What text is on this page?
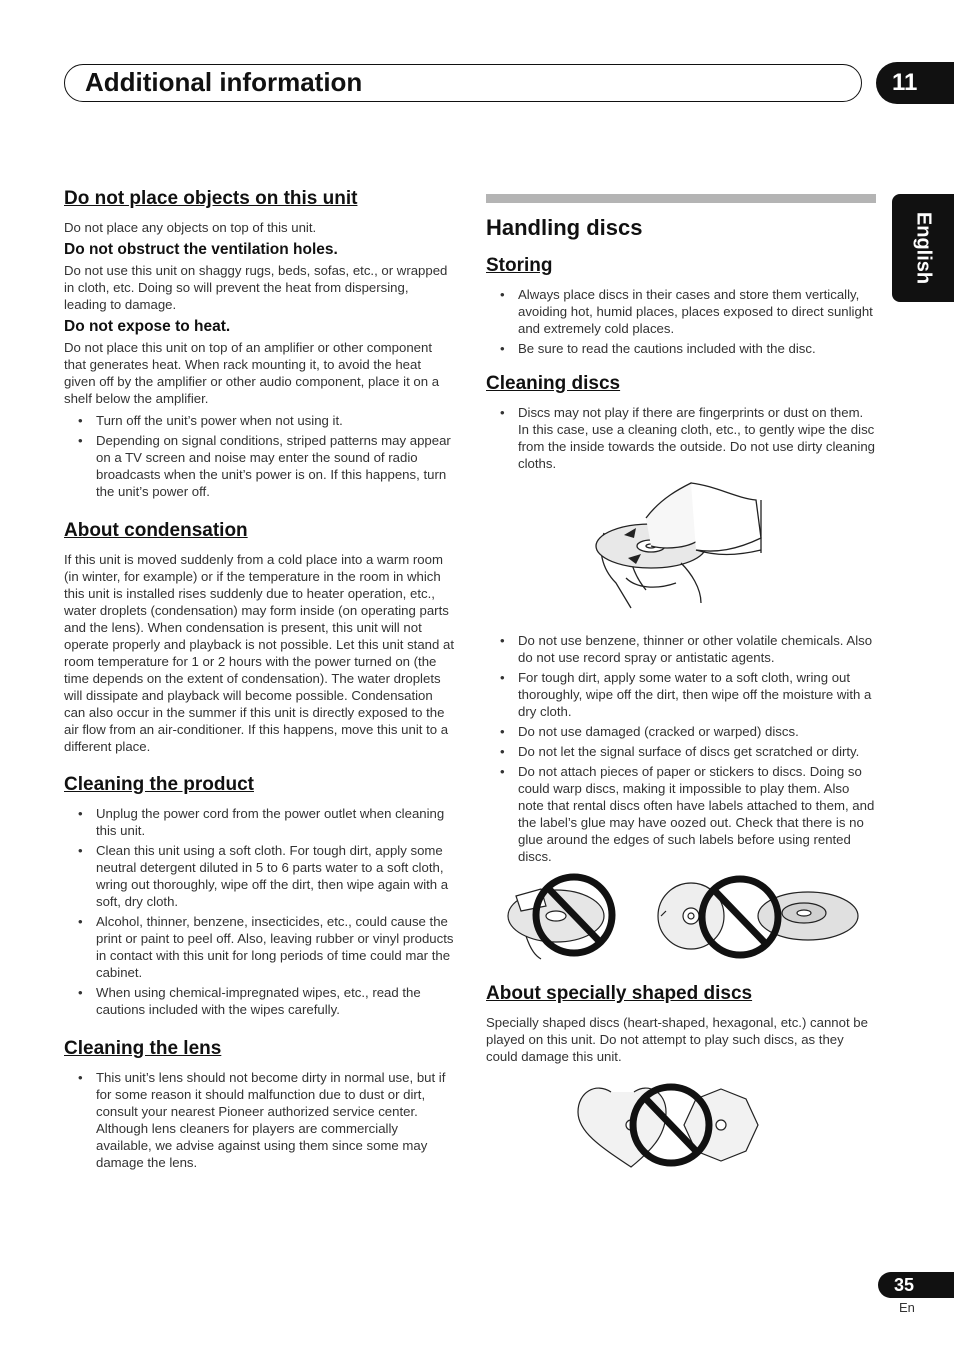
Additional information	11
English
Do not place objects on this unit

Do not place any objects on top of this unit.

Do not obstruct the ventilation holes.

Do not use this unit on shaggy rugs, beds, sofas, etc., or wrapped in cloth, etc. Doing so will prevent the heat from dispersing, leading to damage.

Do not expose to heat.

Do not place this unit on top of an amplifier or other component that generates heat. When rack mounting it, to avoid the heat given off by the amplifier or other audio component, place it on a shelf below the amplifier.

• Turn off the unit’s power when not using it.
• Depending on signal conditions, striped patterns may appear on a TV screen and noise may enter the sound of radio broadcasts when the unit’s power is on. If this happens, turn the unit’s power off.
About condensation

If this unit is moved suddenly from a cold place into a warm room (in winter, for example) or if the temperature in the room in which this unit is installed rises suddenly due to heater operation, etc., water droplets (condensation) may form inside (on operating parts and the lens). When condensation is present, this unit will not operate properly and playback is not possible. Let this unit stand at room temperature for 1 or 2 hours with the power turned on (the time depends on the extent of condensation). The water droplets will dissipate and playback will become possible. Condensation can also occur in the summer if this unit is directly exposed to the air flow from an air-conditioner. If this happens, move this unit to a different place.

Cleaning the product
• Unplug the power cord from the power outlet when cleaning this unit.
• Clean this unit using a soft cloth. For tough dirt, apply some neutral detergent diluted in 5 to 6 parts water to a soft cloth, wring out thoroughly, wipe off the dirt, then wipe again with a soft, dry cloth.
• Alcohol, thinner, benzene, insecticides, etc., could cause the print or paint to peel off. Also, leaving rubber or vinyl products in contact with this unit for long periods of time could mar the cabinet.
• When using chemical-impregnated wipes, etc., read the cautions included with the wipes carefully.
Cleaning the lens
• This unit’s lens should not become dirty in normal use, but if for some reason it should malfunction due to dust or dirt, consult your nearest Pioneer authorized service center. Although lens cleaners for players are commercially available, we advise against using them since some may damage the lens.
Handling discs
Storing
• Always place discs in their cases and store them vertically, avoiding hot, humid places, places exposed to direct sunlight and extremely cold places.
• Be sure to read the cautions included with the disc.
Cleaning discs
• Discs may not play if there are fingerprints or dust on them. In this case, use a cleaning cloth, etc., to gently wipe the disc from the inside towards the outside. Do not use dirty cleaning cloths.
• Do not use benzene, thinner or other volatile chemicals. Also do not use record spray or antistatic agents.
• For tough dirt, apply some water to a soft cloth, wring out thoroughly, wipe off the dirt, then wipe off the moisture with a dry cloth.
• Do not use damaged (cracked or warped) discs.
• Do not let the signal surface of discs get scratched or dirty.
• Do not attach pieces of paper or stickers to discs. Doing so could warp discs, making it impossible to play them. Also note that rental discs often have labels attached to them, and the label’s glue may have oozed out. Check that there is no glue around the edges of such labels before using rented discs.
About specially shaped discs

Specially shaped discs (heart-shaped, hexagonal, etc.) cannot be played on this unit. Do not attempt to play such discs, as they could damage this unit.

35
En
